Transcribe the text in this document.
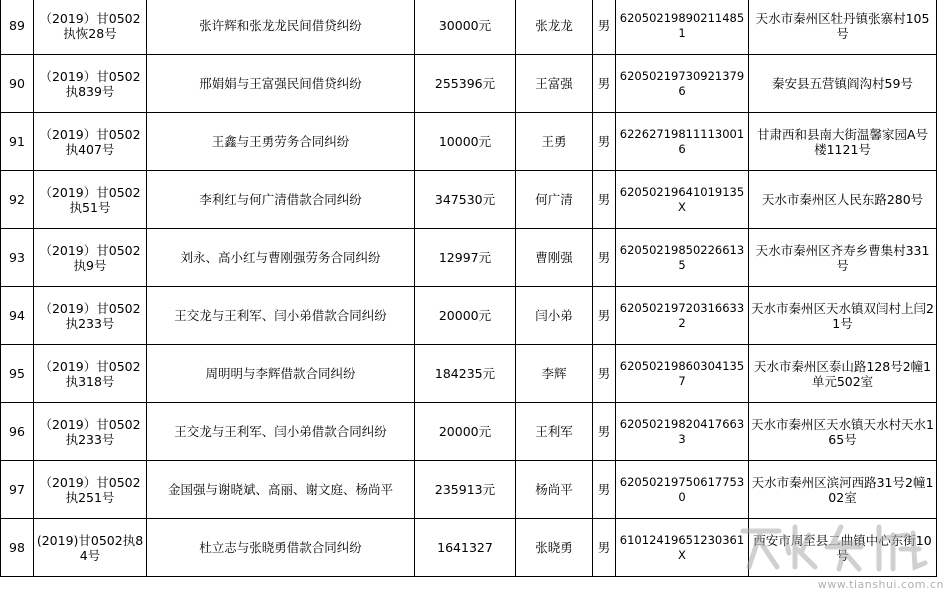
89	（2019）甘0502执恢28号	张许辉和张龙龙民间借贷纠纷	30000元	张龙龙	男	620502198902114851	天水市秦州区牡丹镇张寨村105号
90	（2019）甘0502执839号	邢娟娟与王富强民间借贷纠纷	255396元	王富强	男	620502197309213796	秦安县五营镇阎沟村59号
91	（2019）甘0502执407号	王鑫与王勇劳务合同纠纷	10000元	王勇	男	622627198111130016	甘肃西和县南大街温馨家园A号楼1121号
92	（2019）甘0502执51号	李利红与何广清借款合同纠纷	347530元	何广清	男	62050219641019135X	天水市秦州区人民东路280号
93	（2019）甘0502执9号	刘永、高小红与曹刚强劳务合同纠纷	12997元	曹刚强	男	620502198502266135	天水市秦州区齐寿乡曹集村331号
94	（2019）甘0502执233号	王交龙与王利军、闫小弟借款合同纠纷	20000元	闫小弟	男	620502197203166332	天水市秦州区天水镇双闫村上闫21号
95	（2019）甘0502执318号	周明明与李辉借款合同纠纷	184235元	李辉	男	620502198603041357	天水市秦州区泰山路128号2幢1单元502室
96	（2019）甘0502执233号	王交龙与王利军、闫小弟借款合同纠纷	20000元	王利军	男	620502198204176633	天水市秦州区天水镇天水村天水165号
97	（2019）甘0502执251号	金国强与谢晓斌、高丽、谢文庭、杨尚平	235913元	杨尚平	男	620502197506177530	天水市秦州区滨河西路31号2幢102室
98	(2019)甘0502执84号	杜立志与张晓勇借款合同纠纷	1641327	张晓勇	男	61012419651230361X	西安市周至县二曲镇中心东街10号
www.tianshui.com.cn
